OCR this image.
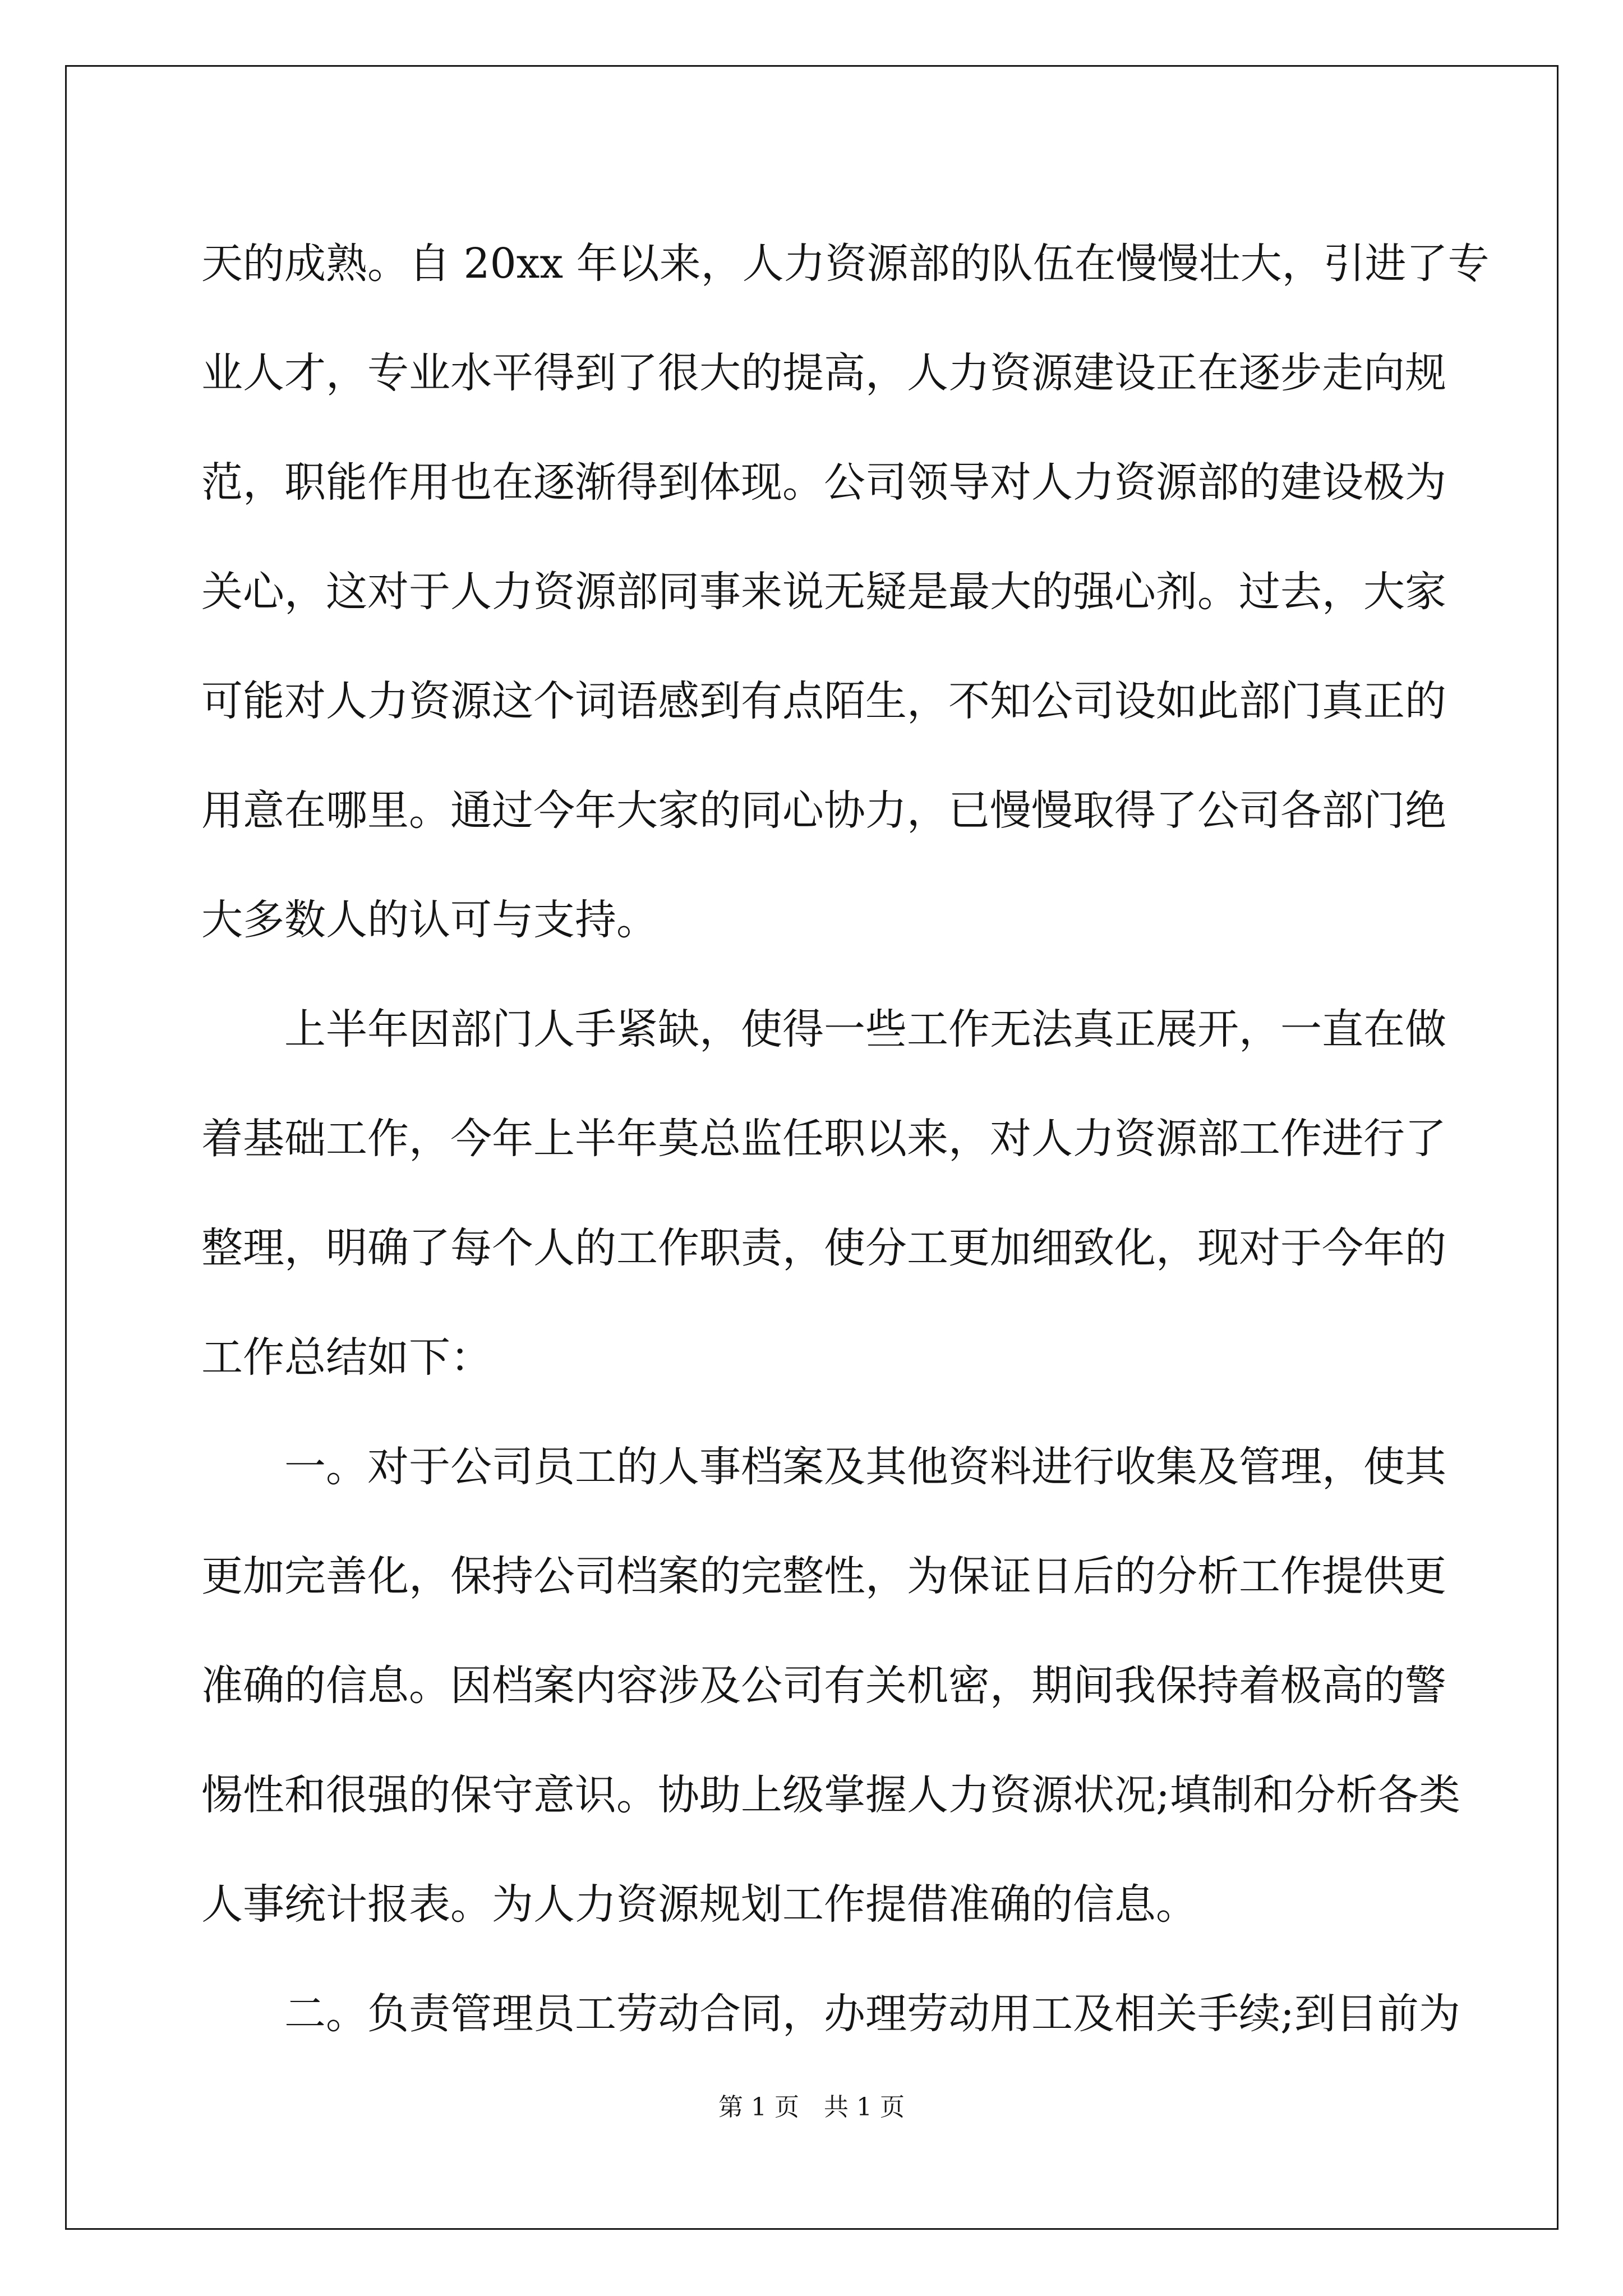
天的成熟。自 20xx 年以来，人力资源部的队伍在慢慢壮大，引进了专
业人才，专业水平得到了很大的提高，人力资源建设正在逐步走向规
范，职能作用也在逐渐得到体现。公司领导对人力资源部的建设极为
关心，这对于人力资源部同事来说无疑是最大的强心剂。过去，大家
可能对人力资源这个词语感到有点陌生，不知公司设如此部门真正的
用意在哪里。通过今年大家的同心协力，已慢慢取得了公司各部门绝
大多数人的认可与支持。
上半年因部门人手紧缺，使得一些工作无法真正展开，一直在做
着基础工作，今年上半年莫总监任职以来，对人力资源部工作进行了
整理，明确了每个人的工作职责，使分工更加细致化，现对于今年的
工作总结如下：
一。对于公司员工的人事档案及其他资料进行收集及管理，使其
更加完善化，保持公司档案的完整性，为保证日后的分析工作提供更
准确的信息。因档案内容涉及公司有关机密，期间我保持着极高的警
惕性和很强的保守意识。协助上级掌握人力资源状况;填制和分析各类
人事统计报表。为人力资源规划工作提借准确的信息。
二。负责管理员工劳动合同，办理劳动用工及相关手续;到目前为
第 1 页　共 1 页
